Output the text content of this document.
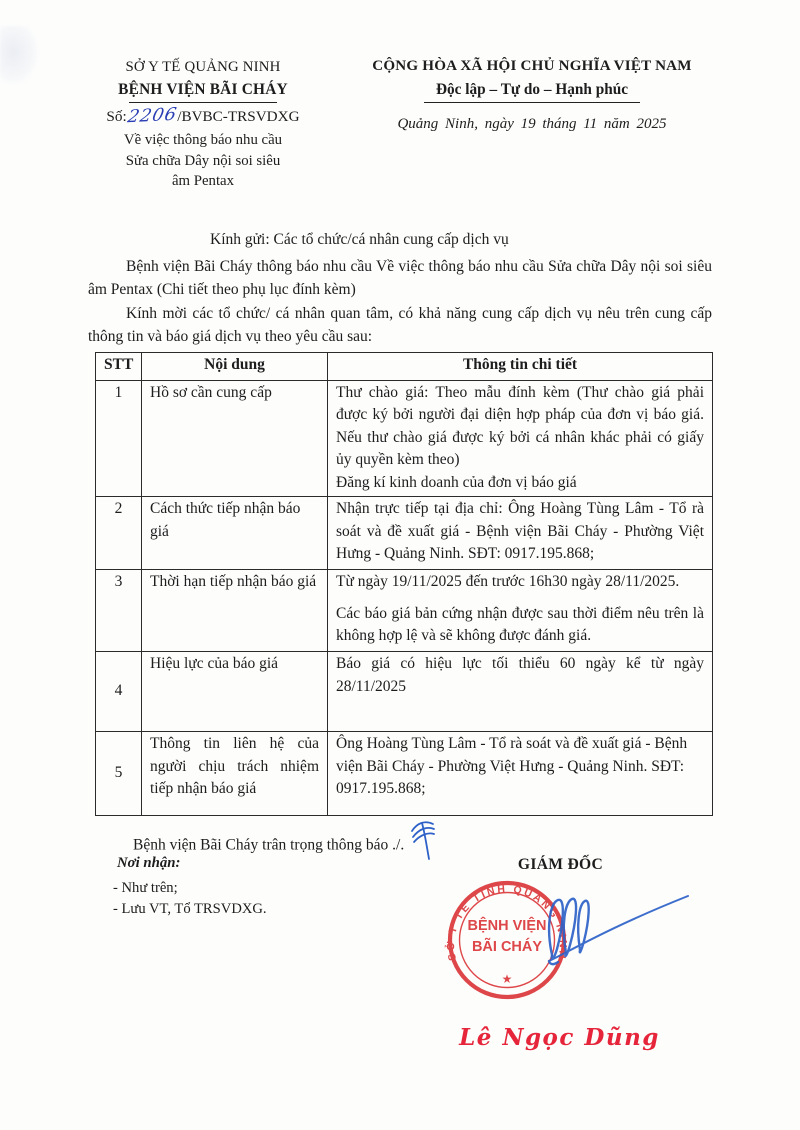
SỞ Y TẾ QUẢNG NINH
BỆNH VIỆN BÃI CHÁY
Số:2206/BVBC-TRSVDXG
Về việc thông báo nhu cầu
Sửa chữa Dây nội soi siêu
âm Pentax
CỘNG HÒA XÃ HỘI CHỦ NGHĨA VIỆT NAM
Độc lập – Tự do – Hạnh phúc
Quảng Ninh, ngày 19 tháng 11 năm 2025
Kính gửi: Các tổ chức/cá nhân cung cấp dịch vụ

Bệnh viện Bãi Cháy thông báo nhu cầu Về việc thông báo nhu cầu Sửa chữa Dây nội soi siêu âm Pentax (Chi tiết theo phụ lục đính kèm)

Kính mời các tổ chức/ cá nhân quan tâm, có khả năng cung cấp dịch vụ nêu trên cung cấp thông tin và báo giá dịch vụ theo yêu cầu sau:

STT	Nội dung	Thông tin chi tiết
1	Hồ sơ cần cung cấp	Thư chào giá: Theo mẫu đính kèm (Thư chào giá phải được ký bởi người đại diện hợp pháp của đơn vị báo giá. Nếu thư chào giá được ký bởi cá nhân khác phải có giấy ủy quyền kèm theo)

Đăng kí kinh doanh của đơn vị báo giá

2	Cách thức tiếp nhận báo giá	Nhận trực tiếp tại địa chỉ: Ông Hoàng Tùng Lâm - Tổ rà soát và đề xuất giá - Bệnh viện Bãi Cháy - Phường Việt Hưng - Quảng Ninh. SĐT: 0917.195.868;

3	Thời hạn tiếp nhận báo giá	Từ ngày 19/11/2025 đến trước 16h30 ngày 28/11/2025.

Các báo giá bản cứng nhận được sau thời điểm nêu trên là không hợp lệ và sẽ không được đánh giá.

4	Hiệu lực của báo giá	Báo giá có hiệu lực tối thiểu 60 ngày kể từ ngày 28/11/2025

5	Thông tin liên hệ của người chịu trách nhiệm tiếp nhận báo giá	Ông Hoàng Tùng Lâm - Tổ rà soát và đề xuất giá - Bệnh viện Bãi Cháy - Phường Việt Hưng - Quảng Ninh. SĐT: 0917.195.868;

Bệnh viện Bãi Cháy trân trọng thông báo ./.
Nơi nhận:
- Như trên;
- Lưu VT, Tổ TRSVDXG.
GIÁM ĐỐC
SỞ Y TẾ TỈNH QUẢNG NINH
BỆNH VIỆN
BÃI CHÁY
★
Lê Ngọc Dũng
